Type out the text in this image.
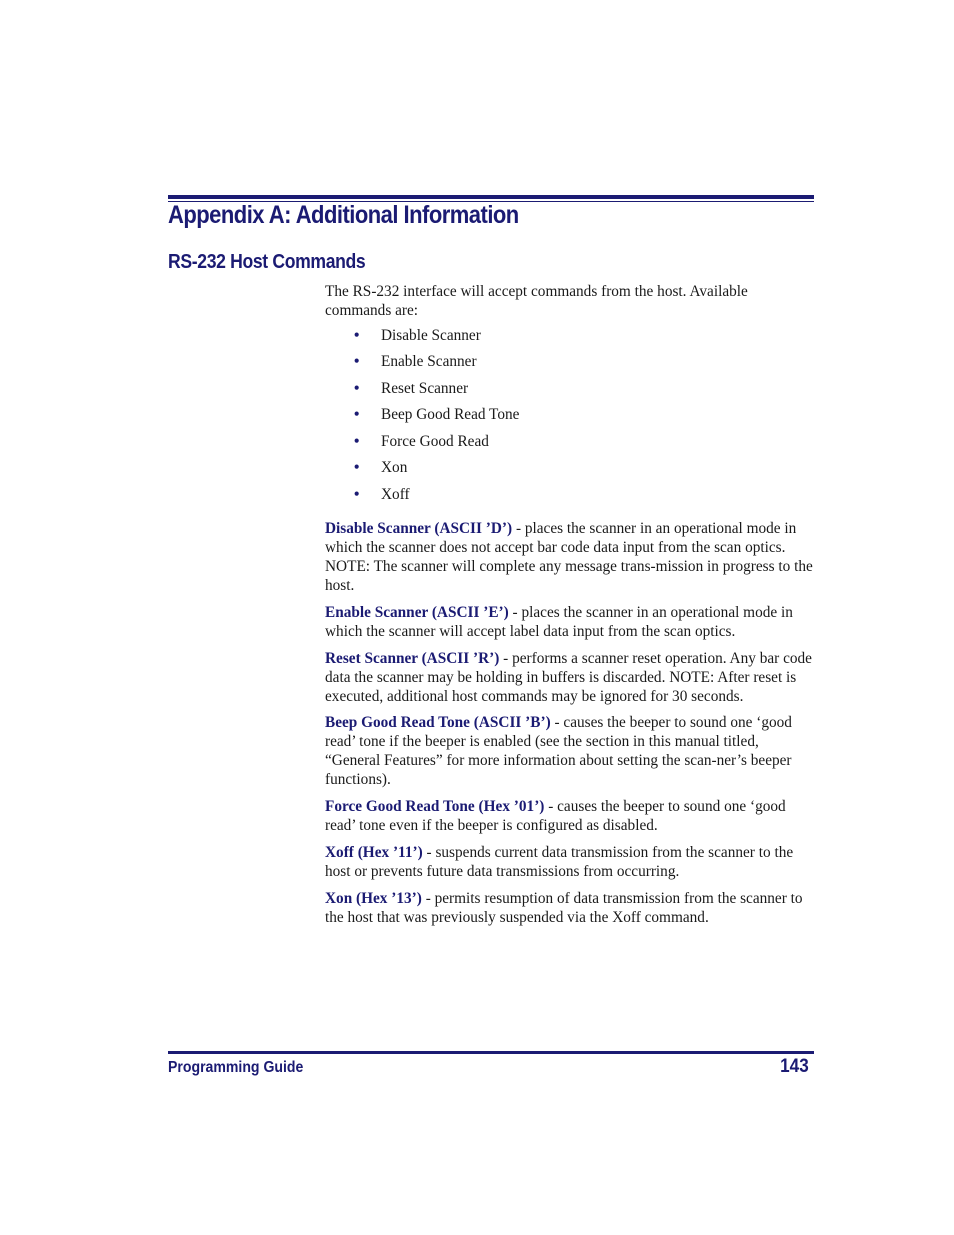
Appendix A: Additional Information
RS-232 Host Commands

The RS-232 interface will accept commands from the host. Available commands are:

• Disable Scanner
• Enable Scanner
• Reset Scanner
• Beep Good Read Tone
• Force Good Read
• Xon
• Xoff

Disable Scanner (ASCII ’D’) - places the scanner in an operational mode in which the scanner does not accept bar code data input from the scan optics. NOTE: The scanner will complete any message trans-mission in progress to the host.

Enable Scanner (ASCII ’E’) - places the scanner in an operational mode in which the scanner will accept label data input from the scan optics.

Reset Scanner (ASCII ’R’) - performs a scanner reset operation. Any bar code data the scanner may be holding in buffers is discarded. NOTE: After reset is executed, additional host commands may be ignored for 30 seconds.

Beep Good Read Tone (ASCII ’B’) - causes the beeper to sound one ‘good read’ tone if the beeper is enabled (see the section in this manual titled, “General Features” for more information about setting the scan-ner’s beeper functions).

Force Good Read Tone (Hex ’01’) - causes the beeper to sound one ‘good read’ tone even if the beeper is configured as disabled.

Xoff (Hex ’11’) - suspends current data transmission from the scanner to the host or prevents future data transmissions from occurring.

Xon (Hex ’13’) - permits resumption of data transmission from the scanner to the host that was previously suspended via the Xoff command.

Programming Guide	143
